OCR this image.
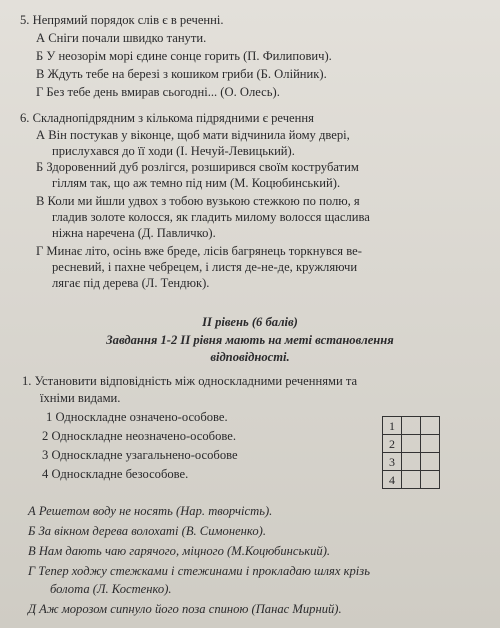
5. Непрямий порядок слів є в реченні.
А Сніги почали швидко танути.
Б У неозорім морі єдине сонце горить (П. Филипович).
В Ждуть тебе на березі з кошиком гриби (Б. Олійник).
Г Без тебе день вмирав сьогодні... (О. Олесь).
6. Складнопідрядним з кількома підрядними є речення
А Він постукав у віконце, щоб мати відчинила йому двері,
прислухався до її ходи (І. Нечуй-Левицький).
Б Здоровенний дуб розлігся, розширився своїм кострубатим
гіллям так, що аж темно під ним (М. Коцюбинський).
В Коли ми йшли удвох з тобою вузькою стежкою по полю, я
гладив золоте колосся, як гладить милому волосся щаслива
ніжна наречена (Д. Павличко).
Г Минає літо, осінь вже бреде, лісів багрянець торкнувся ве-
ресневий, і пахне чебрецем, і листя де-не-де, кружляючи
лягає під дерева (Л. Тендюк).
ІІ рівень (6 балів)
Завдання 1-2 ІІ рівня мають на меті встановлення
відповідності.
1. Установити відповідність між односкладними реченнями та
їхніми видами.
1 Односкладне означено-особове.
2 Односкладне неозначено-особове.
3 Односкладне узагальнено-особове
4 Односкладне безособове.
1		
2		
3		
4		
А Решетом воду не носять (Нар. творчість).
Б За вікном дерева волохаті (В. Симоненко).
В Нам дають чаю гарячого, міцного (М.Коцюбинський).
Г Тепер ходжу стежками і стежинами і прокладаю шлях крізь
болота (Л. Костенко).
Д Аж морозом сипнуло його поза спиною (Панас Мирний).
